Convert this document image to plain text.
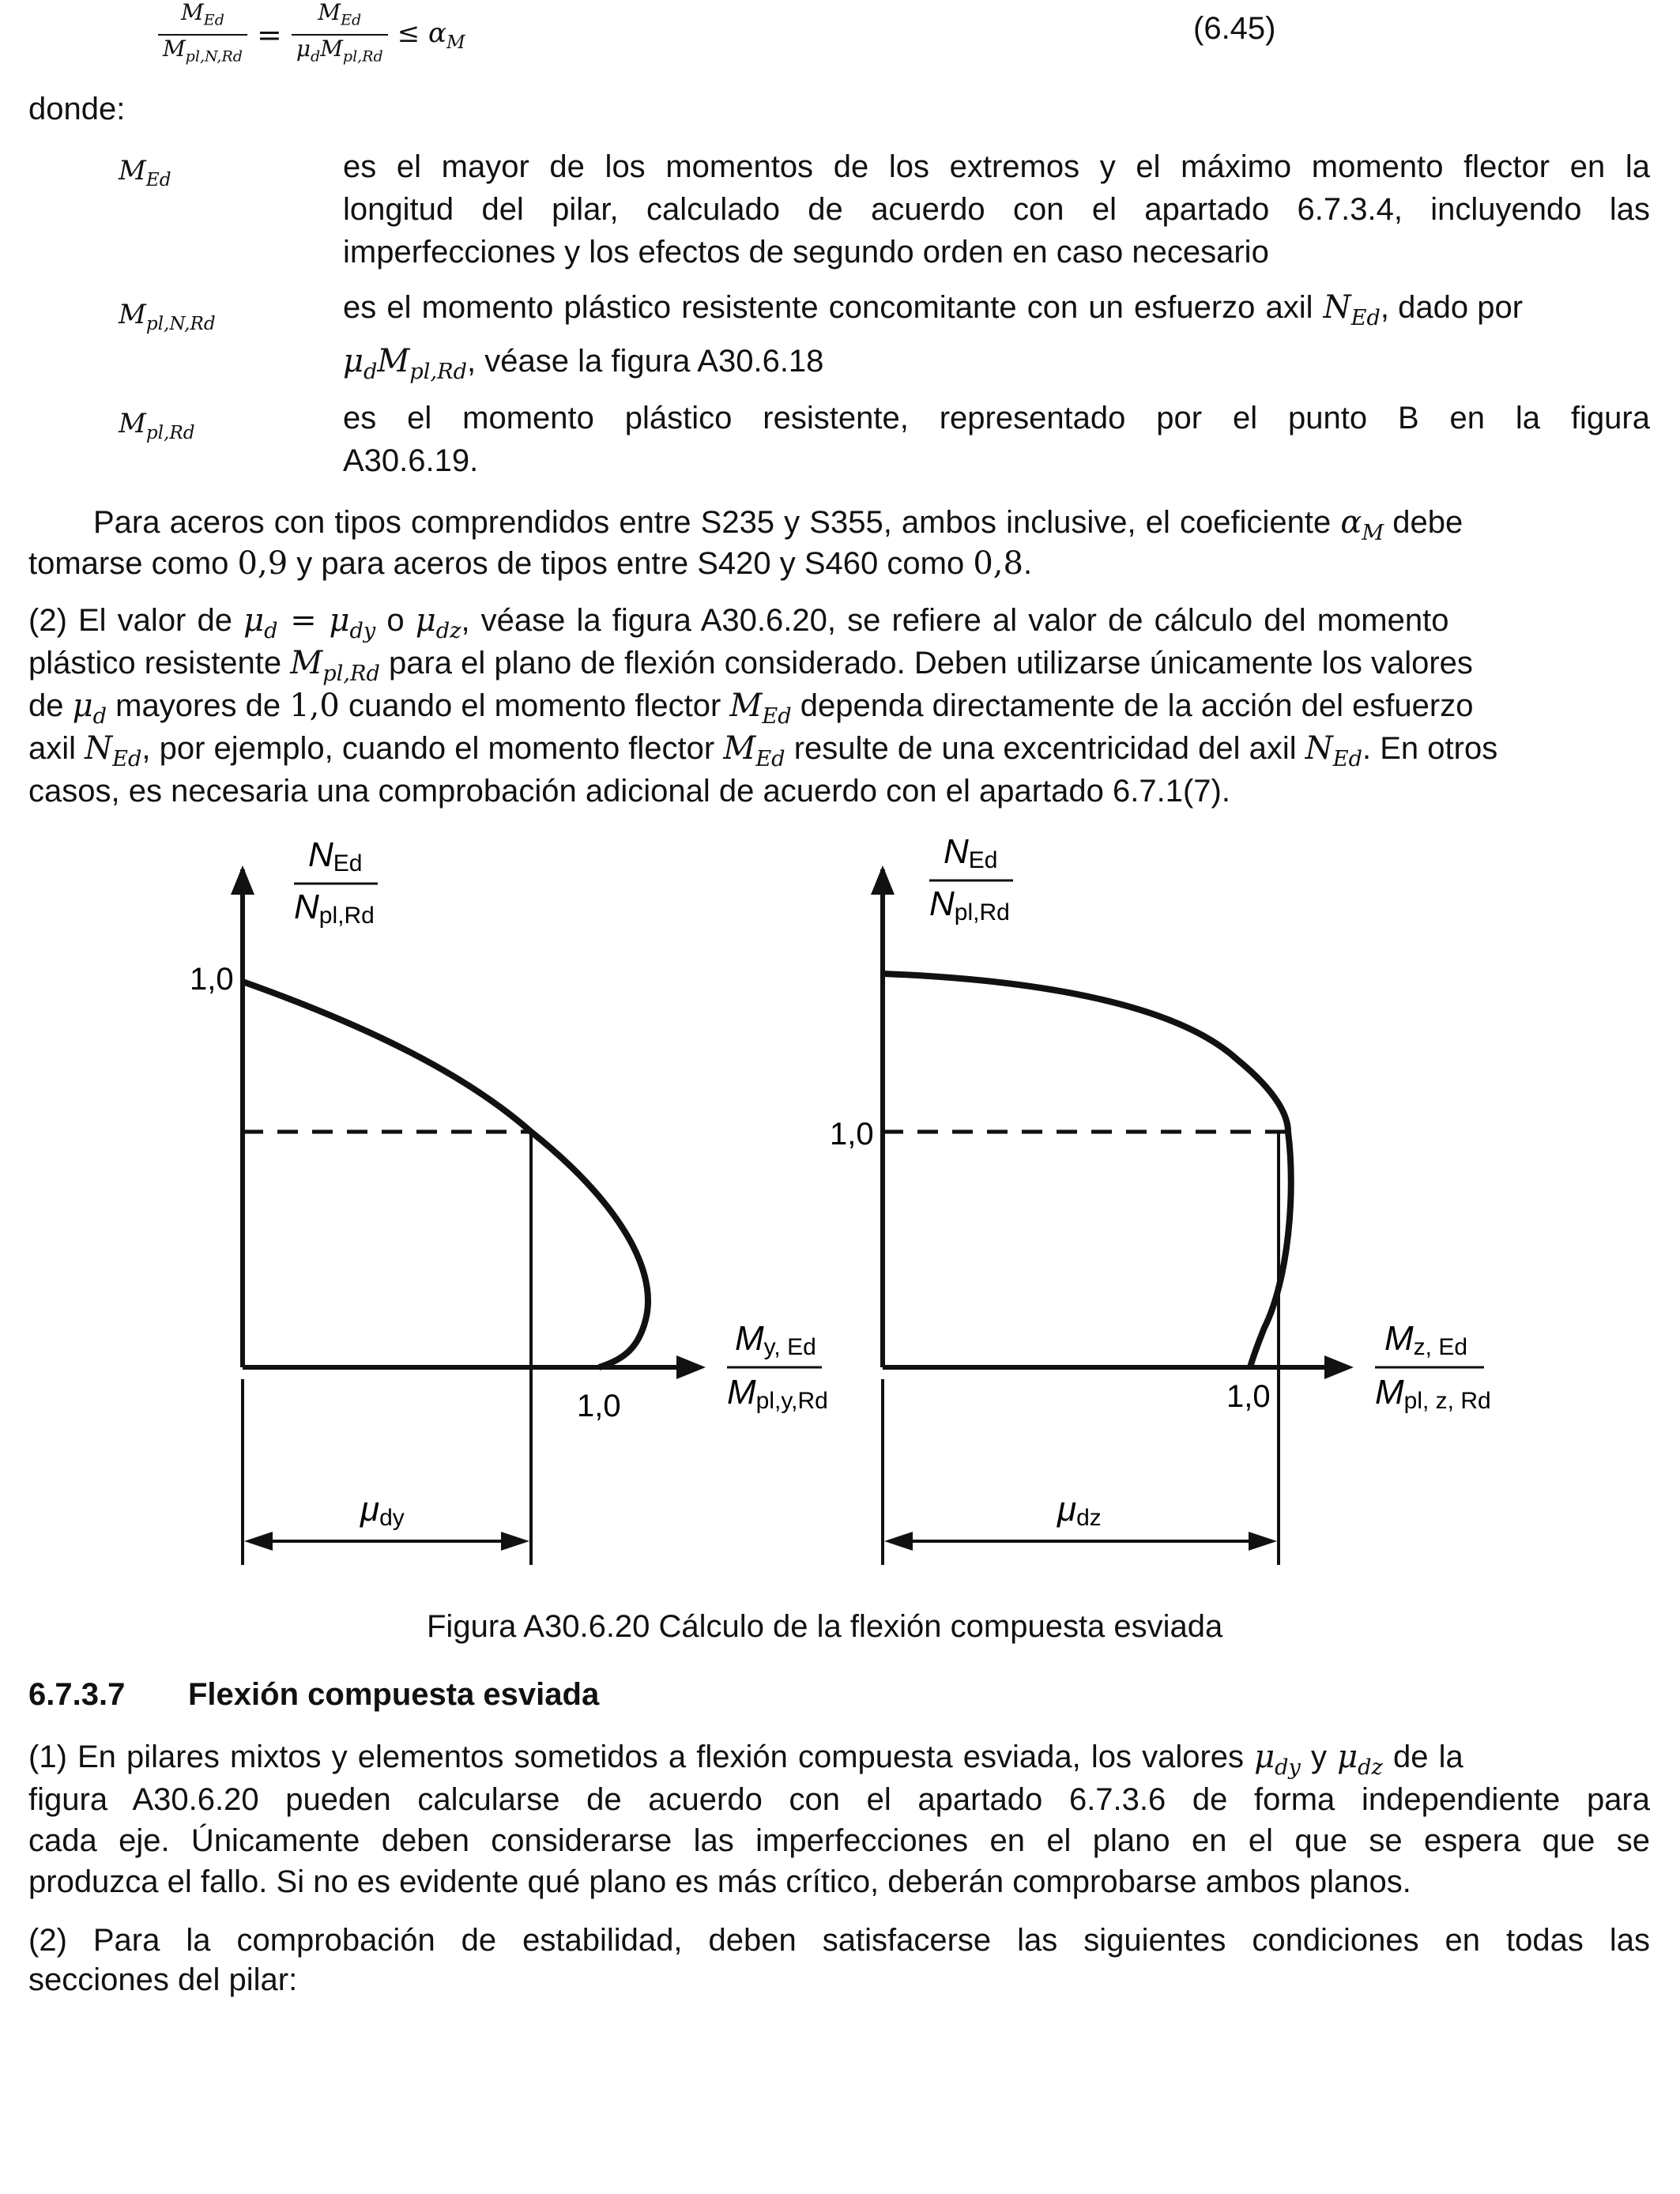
$\frac{M_{Ed}}{M_{pl,N,Rd}} = \frac{M_{Ed}}{\mu_dM_{pl,Rd}} \le \alpha_M$	(6.45)
donde:
$M_{Ed}$	es el mayor de los momentos de los extremos y el máximo momento flector en la
longitud del pilar, calculado de acuerdo con el apartado 6.7.3.4, incluyendo las
imperfecciones y los efectos de segundo orden en caso necesario
$M_{pl,N,Rd}$	es el momento plástico resistente concomitante con un esfuerzo axil $N_{Ed}$, dado por
$\mu_dM_{pl,Rd}$, véase la figura A30.6.18
$M_{pl,Rd}$	es el momento plástico resistente, representado por el punto B en la figura
A30.6.19.
Para aceros con tipos comprendidos entre S235 y S355, ambos inclusive, el coeficiente $\alpha_M$ debe
tomarse como 0,9 y para aceros de tipos entre S420 y S460 como 0,8.
(2) El valor de $\mu_d = \mu_{dy}$ o $\mu_{dz}$, véase la figura A30.6.20, se refiere al valor de cálculo del momento
plástico resistente $M_{pl,Rd}$ para el plano de flexión considerado. Deben utilizarse únicamente los valores
de $\mu_d$ mayores de 1,0 cuando el momento flector $M_{Ed}$ dependa directamente de la acción del esfuerzo
axil $N_{Ed}$, por ejemplo, cuando el momento flector $M_{Ed}$ resulte de una excentricidad del axil $N_{Ed}$. En otros
casos, es necesaria una comprobación adicional de acuerdo con el apartado 6.7.1(7).
1,0
1,0
NEd
Npl,Rd
My, Ed
Mpl,y,Rd
μdy
1,0
1,0
NEd
Npl,Rd
Mz, Ed
Mpl, z, Rd
μdz
Figura A30.6.20 Cálculo de la flexión compuesta esviada
6.7.3.7 Flexión compuesta esviada
(1) En pilares mixtos y elementos sometidos a flexión compuesta esviada, los valores $\mu_{dy}$ y $\mu_{dz}$ de la
figura A30.6.20 pueden calcularse de acuerdo con el apartado 6.7.3.6 de forma independiente para
cada eje. Únicamente deben considerarse las imperfecciones en el plano en el que se espera que se
produzca el fallo. Si no es evidente qué plano es más crítico, deberán comprobarse ambos planos.
(2) Para la comprobación de estabilidad, deben satisfacerse las siguientes condiciones en todas las
secciones del pilar:
